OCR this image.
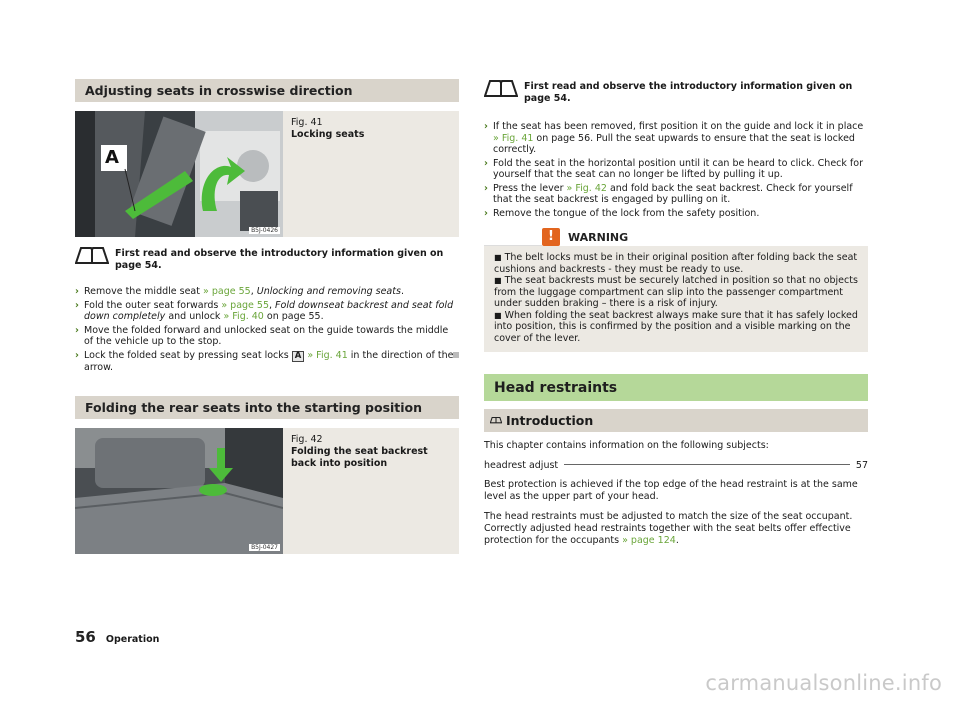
Adjusting seats in crosswise direction
A
B5J-0426
Fig. 41
Locking seats
First read and observe the introductory information given on page 54.
› Remove the middle seat » page 55, Unlocking and removing seats.
› Fold the outer seat forwards » page 55, Fold downseat backrest and seat fold down completely and unlock » Fig. 40 on page 55.
› Move the folded forward and unlocked seat on the guide towards the middle of the vehicle up to the stop.
› Lock the folded seat by pressing seat locks A » Fig. 41 in the direction of the arrow.
Folding the rear seats into the starting position
B5J-0427
Fig. 42
Folding the seat backrest back into position
First read and observe the introductory information given on page 54.
› If the seat has been removed, first position it on the guide and lock it in place » Fig. 41 on page 56. Pull the seat upwards to ensure that the seat is locked correctly.
› Fold the seat in the horizontal position until it can be heard to click. Check for yourself that the seat can no longer be lifted by pulling it up.
› Press the lever » Fig. 42 and fold back the seat backrest. Check for yourself that the seat backrest is engaged by pulling on it.
› Remove the tongue of the lock from the safety position.
!	WARNING
■ The belt locks must be in their original position after folding back the seat cushions and backrests - they must be ready to use.
■ The seat backrests must be securely latched in position so that no objects from the luggage compartment can slip into the passenger compartment under sudden braking – there is a risk of injury.
■ When folding the seat backrest always make sure that it has safely locked into position, this is confirmed by the position and a visible marking on the cover of the lever.
Head restraints
Introduction

This chapter contains information on the following subjects:

headrest adjust	57

Best protection is achieved if the top edge of the head restraint is at the same level as the upper part of your head.

The head restraints must be adjusted to match the size of the seat occupant. Correctly adjusted head restraints together with the seat belts offer effective protection for the occupants » page 124.

56 Operation
carmanualsonline.info
